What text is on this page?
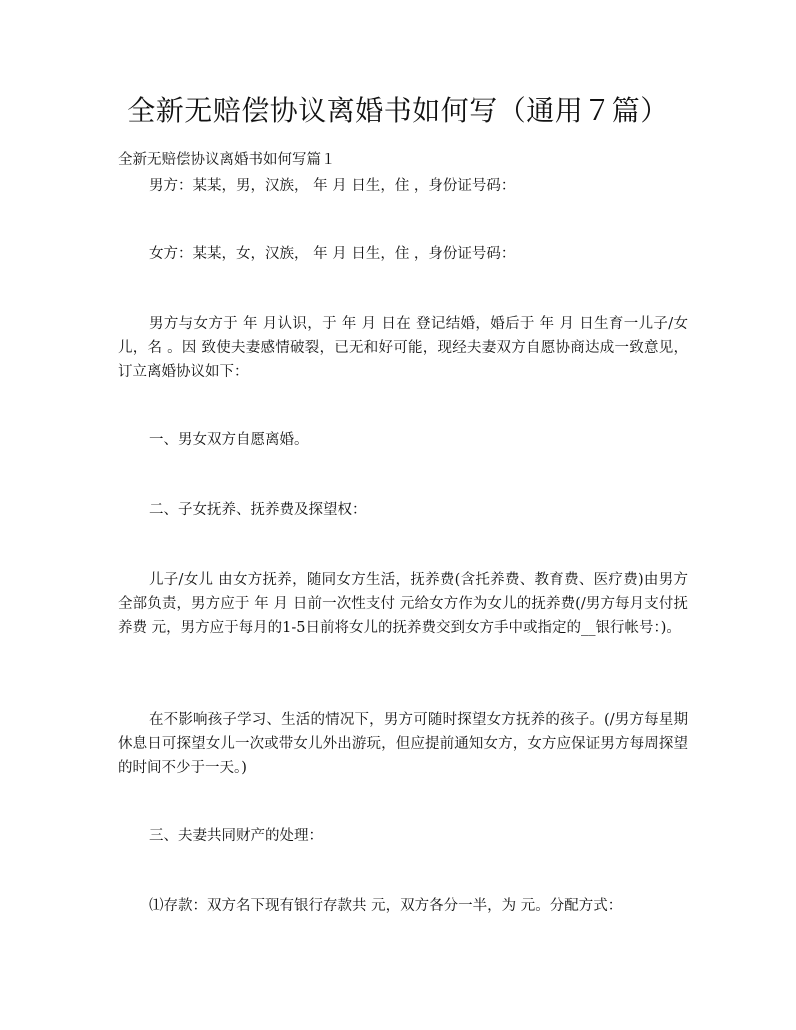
全新无赔偿协议离婚书如何写（通用７篇）

全新无赔偿协议离婚书如何写篇１

男方：某某，男，汉族， 年 月 日生，住 ，身份证号码：

女方：某某，女，汉族， 年 月 日生，住 ，身份证号码：

男方与女方于 年 月认识，于 年 月 日在 登记结婚，婚后于 年 月 日生育一儿子/女儿，名 。因 致使夫妻感情破裂，已无和好可能，现经夫妻双方自愿协商达成一致意见，订立离婚协议如下：

一、男女双方自愿离婚。

二、子女抚养、抚养费及探望权：

儿子/女儿 由女方抚养，随同女方生活，抚养费(含托养费、教育费、医疗费)由男方全部负责，男方应于 年 月 日前一次性支付 元给女方作为女儿的抚养费(/男方每月支付抚养费 元，男方应于每月的1-5日前将女儿的抚养费交到女方手中或指定的__银行帐号：)。

在不影响孩子学习、生活的情况下，男方可随时探望女方抚养的孩子。(/男方每星期休息日可探望女儿一次或带女儿外出游玩，但应提前通知女方，女方应保证男方每周探望的时间不少于一天。)

三、夫妻共同财产的处理：

⑴存款：双方名下现有银行存款共 元，双方各分一半，为 元。分配方式：
